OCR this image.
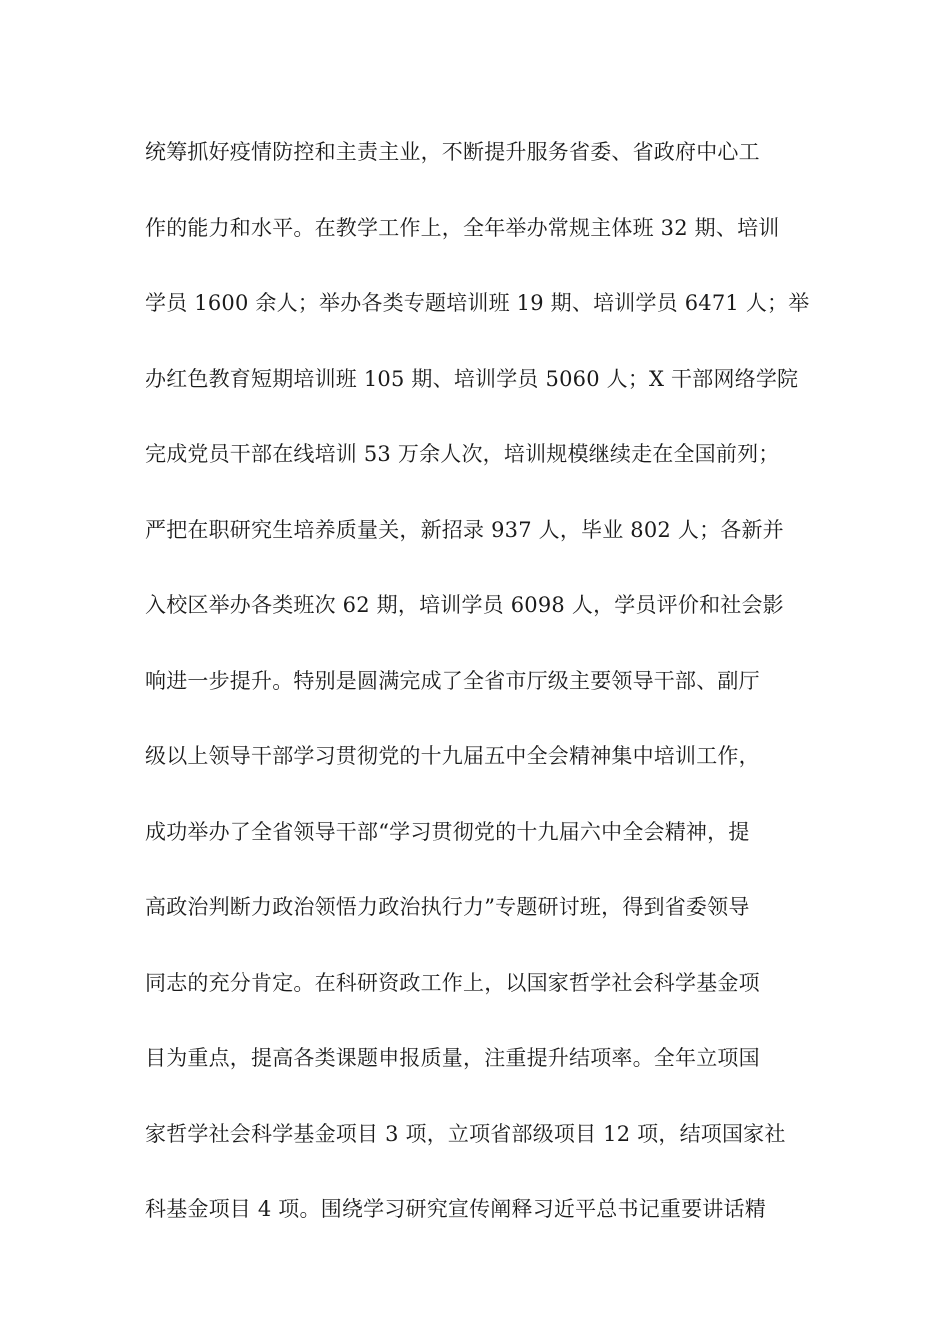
统筹抓好疫情防控和主责主业，不断提升服务省委、省政府中心工
作的能力和水平。在教学工作上，全年举办常规主体班 32 期、培训
学员 1600 余人；举办各类专题培训班 19 期、培训学员 6471 人；举
办红色教育短期培训班 105 期、培训学员 5060 人；X 干部网络学院
完成党员干部在线培训 53 万余人次，培训规模继续走在全国前列；
严把在职研究生培养质量关，新招录 937 人，毕业 802 人；各新并
入校区举办各类班次 62 期，培训学员 6098 人，学员评价和社会影
响进一步提升。特别是圆满完成了全省市厅级主要领导干部、副厅
级以上领导干部学习贯彻党的十九届五中全会精神集中培训工作，
成功举办了全省领导干部“学习贯彻党的十九届六中全会精神，提
高政治判断力政治领悟力政治执行力”专题研讨班，得到省委领导
同志的充分肯定。在科研资政工作上，以国家哲学社会科学基金项
目为重点，提高各类课题申报质量，注重提升结项率。全年立项国
家哲学社会科学基金项目 3 项，立项省部级项目 12 项，结项国家社
科基金项目 4 项。围绕学习研究宣传阐释习近平总书记重要讲话精
